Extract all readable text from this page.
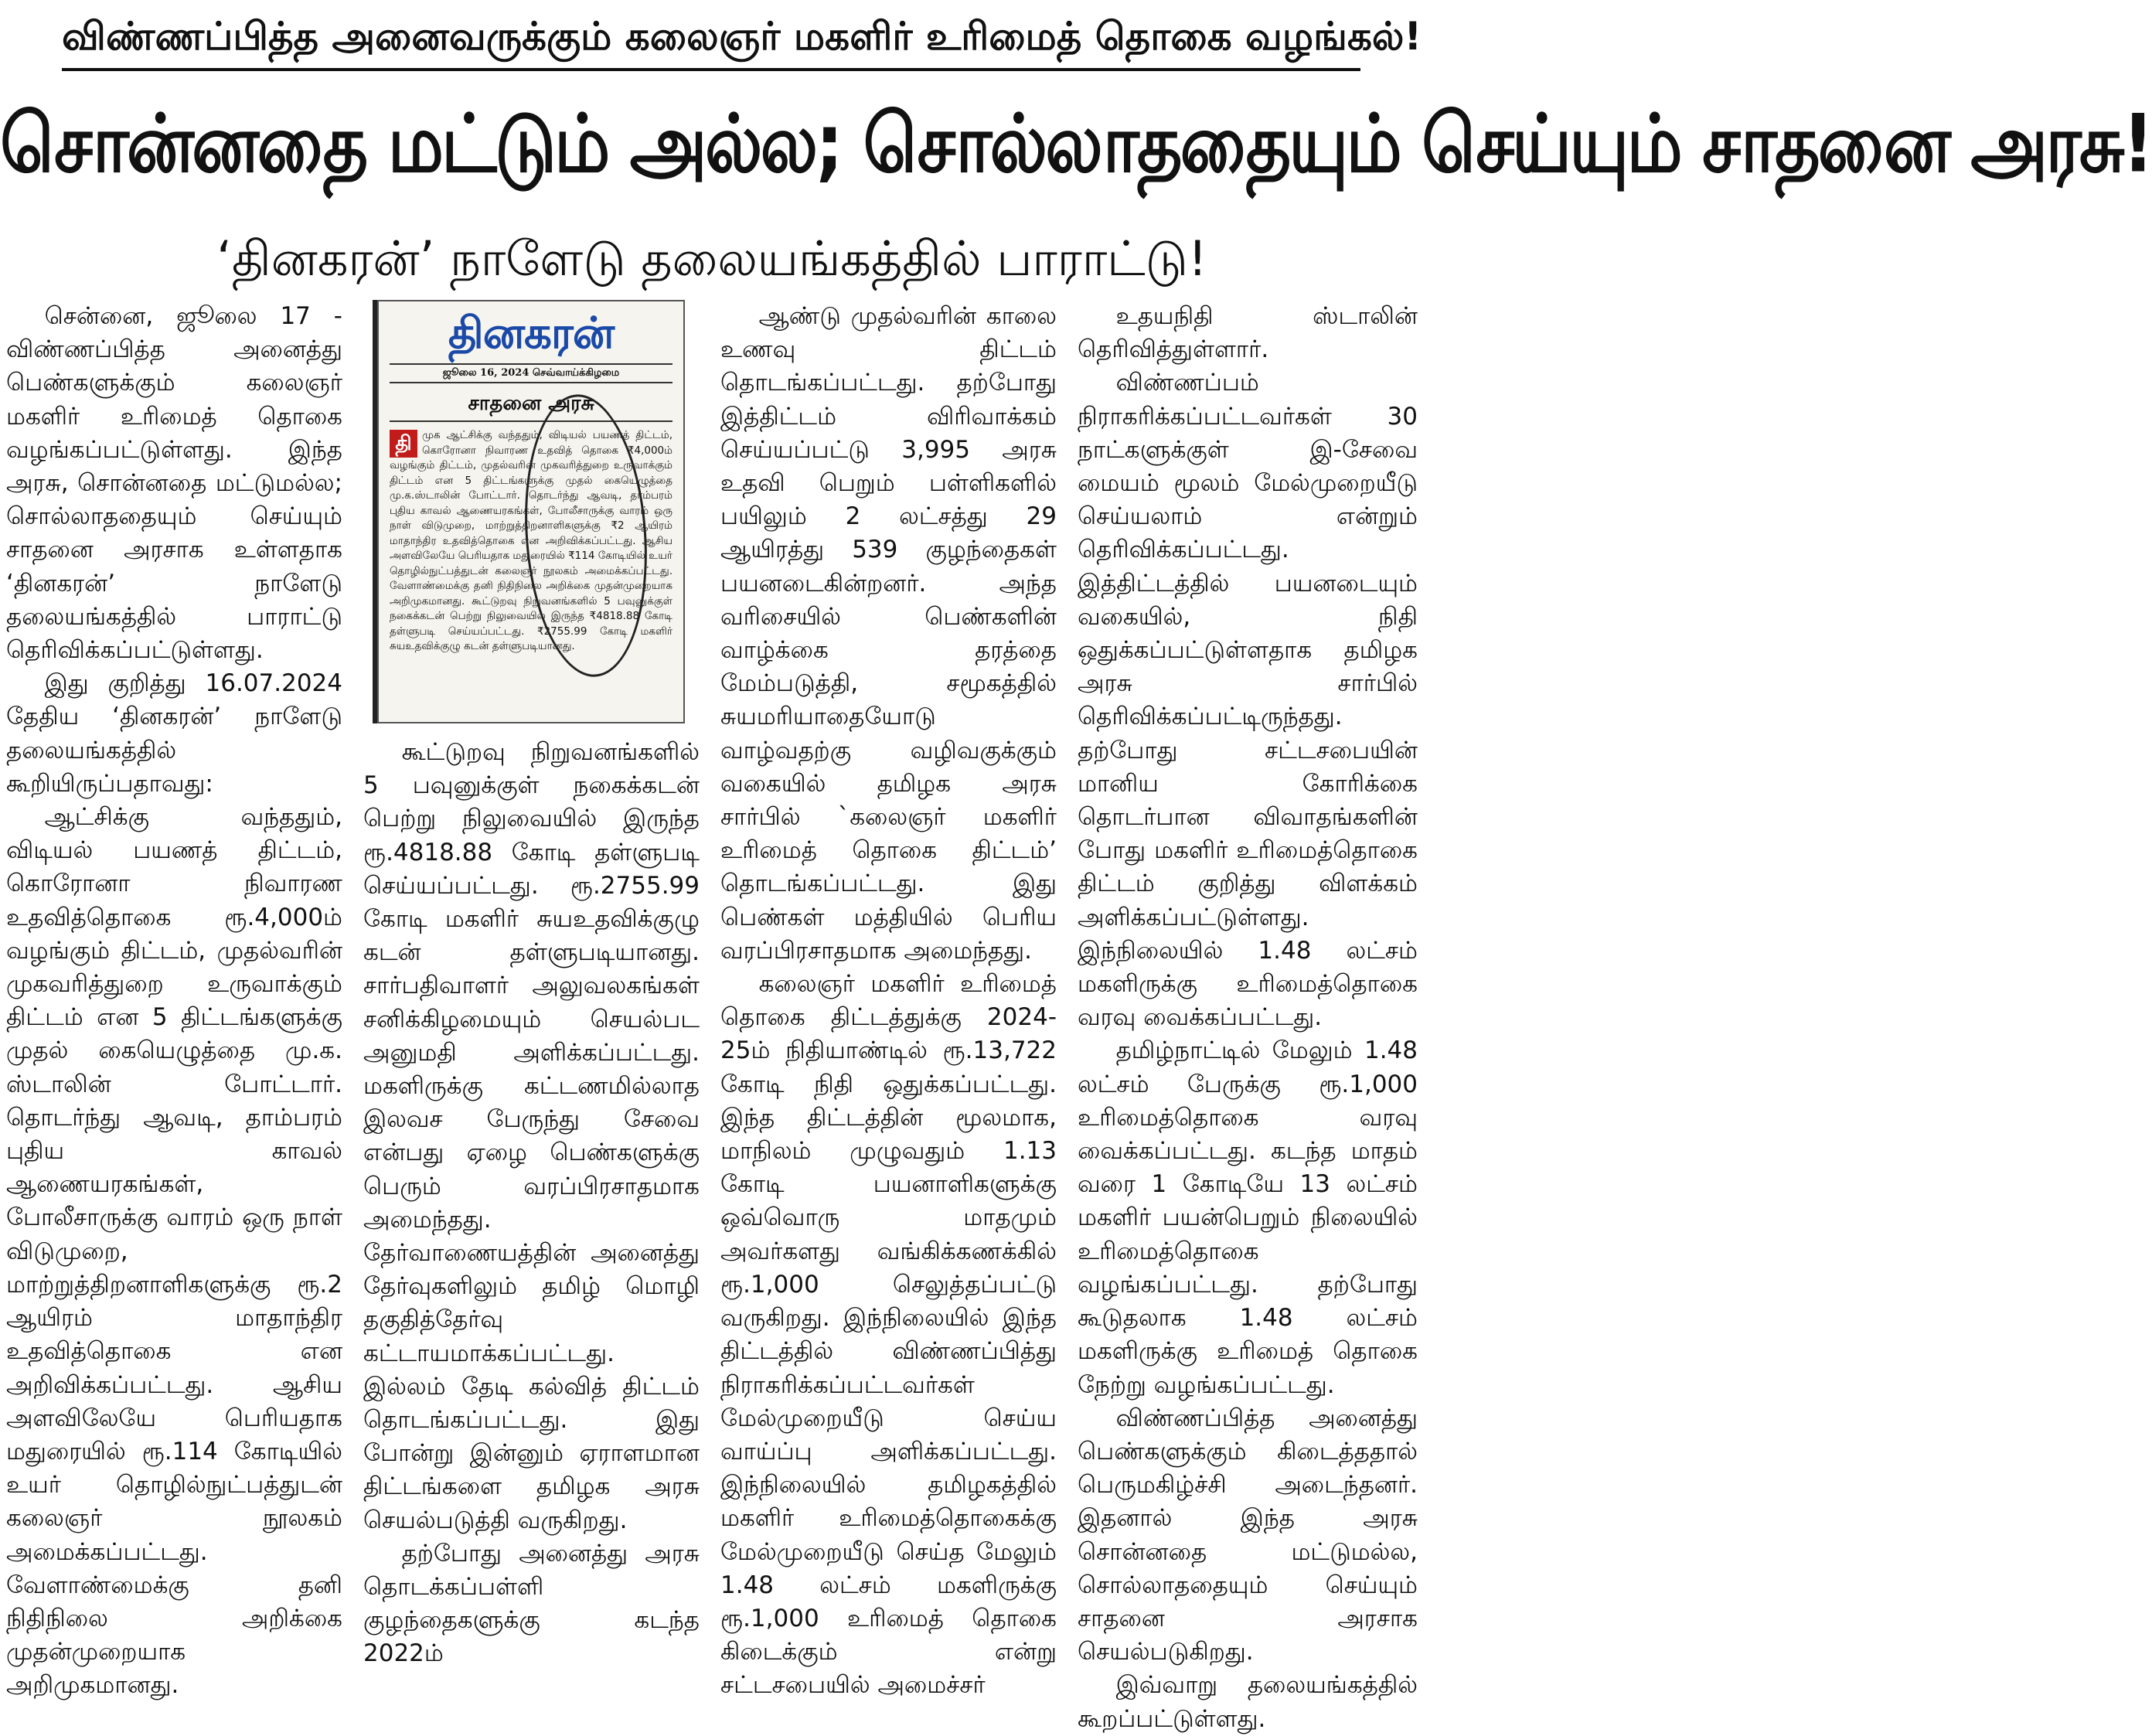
விண்ணப்பித்த அனைவருக்கும் கலைஞர் மகளிர் உரிமைத் தொகை வழங்கல்!
சொன்னதை மட்டும் அல்ல; சொல்லாததையும் செய்யும் சாதனை அரசு!
‘தினகரன்’ நாளேடு தலையங்கத்தில் பாராட்டு!

சென்னை, ஜூலை 17 - விண்ணப்பித்த அனைத்து பெண்களுக்கும் கலைஞர் மகளிர் உரிமைத் தொகை வழங்கப்பட்டுள்ளது. இந்த அரசு, சொன்னதை மட்டுமல்ல; சொல்லாததையும் செய்யும் சாதனை அரசாக உள்ளதாக ‘தினகரன்’ நாளேடு தலையங்கத்தில் பாராட்டு தெரிவிக்கப்பட்டுள்ளது.

இது குறித்து 16.07.2024 தேதிய ‘தினகரன்’ நாளேடு தலையங்கத்தில் கூறியிருப்பதாவது:

ஆட்சிக்கு வந்ததும், விடியல் பயணத் திட்டம், கொரோனா நிவாரண உதவித்தொகை ரூ.4,000ம் வழங்கும் திட்டம், முதல்வரின் முகவரித்துறை உருவாக்கும் திட்டம் என 5 திட்டங்களுக்கு முதல் கையெழுத்தை மு.க. ஸ்டாலின் போட்டார். தொடர்ந்து ஆவடி, தாம்பரம் புதிய காவல் ஆணையரகங்கள், போலீசாருக்கு வாரம் ஒரு நாள் விடுமுறை, மாற்றுத்திறனாளிகளுக்கு ரூ.2 ஆயிரம் மாதாந்திர உதவித்தொகை என அறிவிக்கப்பட்டது. ஆசிய அளவிலேயே பெரியதாக மதுரையில் ரூ.114 கோடியில் உயர் தொழில்நுட்பத்துடன் கலைஞர் நூலகம் அமைக்கப்பட்டது. வேளாண்மைக்கு தனி நிதிநிலை அறிக்கை முதன்முறையாக அறிமுகமானது.

தினகரன்
ஜூலை 16, 2024 செவ்வாய்க்கிழமை
சாதனை அரசு
தி முக ஆட்சிக்கு வந்ததும், விடியல் பயணத் திட்டம், கொரோனா நிவாரண உதவித் தொகை ₹4,000ம் வழங்கும் திட்டம், முதல்வரின் முகவரித்துறை உருவாக்கும் திட்டம் என 5 திட்டங்களுக்கு முதல் கையெழுத்தை மு.க.ஸ்டாலின் போட்டார். தொடர்ந்து ஆவடி, தாம்பரம் புதிய காவல் ஆணையரகங்கள், போலீசாருக்கு வாரம் ஒரு நாள் விடுமுறை, மாற்றுத்திறனாளிகளுக்கு ₹2 ஆயிரம் மாதாந்திர உதவித்தொகை என அறிவிக்கப்பட்டது. ஆசிய அளவிலேயே பெரியதாக மதுரையில் ₹114 கோடியில் உயர் தொழில்நுட்பத்துடன் கலைஞர் நூலகம் அமைக்கப்பட்டது. வேளாண்மைக்கு தனி நிதிநிலை அறிக்கை முதன்முறையாக அறிமுகமானது. கூட்டுறவு நிறுவனங்களில் 5 பவுனுக்குள் நகைக்கடன் பெற்று நிலுவையில் இருந்த ₹4818.88 கோடி தள்ளுபடி செய்யப்பட்டது. ₹2755.99 கோடி மகளிர் சுயஉதவிக்குழு கடன் தள்ளுபடியானது.

கூட்டுறவு நிறுவனங்களில் 5 பவுனுக்குள் நகைக்கடன் பெற்று நிலுவையில் இருந்த ரூ.4818.88 கோடி தள்ளுபடி செய்யப்பட்டது. ரூ.2755.99 கோடி மகளிர் சுயஉதவிக்குழு கடன் தள்ளுபடியானது. சார்பதிவாளர் அலுவலகங்கள் சனிக்கிழமையும் செயல்பட அனுமதி அளிக்கப்பட்டது. மகளிருக்கு கட்டணமில்லாத இலவச பேருந்து சேவை என்பது ஏழை பெண்களுக்கு பெரும் வரப்பிரசாதமாக அமைந்தது. தேர்வாணையத்தின் அனைத்து தேர்வுகளிலும் தமிழ் மொழி தகுதித்தேர்வு கட்டாயமாக்கப்பட்டது. இல்லம் தேடி கல்வித் திட்டம் தொடங்கப்பட்டது. இது போன்று இன்னும் ஏராளமான திட்டங்களை தமிழக அரசு செயல்படுத்தி வருகிறது.

தற்போது அனைத்து அரசு தொடக்கப்பள்ளி குழந்தைகளுக்கு கடந்த 2022ம்

ஆண்டு முதல்வரின் காலை உணவு திட்டம் தொடங்கப்பட்டது. தற்போது இத்திட்டம் விரிவாக்கம் செய்யப்பட்டு 3,995 அரசு உதவி பெறும் பள்ளிகளில் பயிலும் 2 லட்சத்து 29 ஆயிரத்து 539 குழந்தைகள் பயனடைகின்றனர். அந்த வரிசையில் பெண்களின் வாழ்க்கை தரத்தை மேம்படுத்தி, சமூகத்தில் சுயமரியாதையோடு வாழ்வதற்கு வழிவகுக்கும் வகையில் தமிழக அரசு சார்பில் `கலைஞர் மகளிர் உரிமைத் தொகை திட்டம்’ தொடங்கப்பட்டது. இது பெண்கள் மத்தியில் பெரிய வரப்பிரசாதமாக அமைந்தது.

கலைஞர் மகளிர் உரிமைத் தொகை திட்டத்துக்கு 2024-25ம் நிதியாண்டில் ரூ.13,722 கோடி நிதி ஒதுக்கப்பட்டது. இந்த திட்டத்தின் மூலமாக, மாநிலம் முழுவதும் 1.13 கோடி பயனாளிகளுக்கு ஒவ்வொரு மாதமும் அவர்களது வங்கிக்கணக்கில் ரூ.1,000 செலுத்தப்பட்டு வருகிறது. இந்நிலையில் இந்த திட்டத்தில் விண்ணப்பித்து நிராகரிக்கப்பட்டவர்கள் மேல்முறையீடு செய்ய வாய்ப்பு அளிக்கப்பட்டது. இந்நிலையில் தமிழகத்தில் மகளிர் உரிமைத்தொகைக்கு மேல்முறையீடு செய்த மேலும் 1.48 லட்சம் மகளிருக்கு ரூ.1,000 உரிமைத் தொகை கிடைக்கும் என்று சட்டசபையில் அமைச்சர்

உதயநிதி ஸ்டாலின் தெரிவித்துள்ளார்.

விண்ணப்பம் நிராகரிக்கப்பட்டவர்கள் 30 நாட்களுக்குள் இ-சேவை மையம் மூலம் மேல்முறையீடு செய்யலாம் என்றும் தெரிவிக்கப்பட்டது. இத்திட்டத்தில் பயனடையும் வகையில், நிதி ஒதுக்கப்பட்டுள்ளதாக தமிழக அரசு சார்பில் தெரிவிக்கப்பட்டிருந்தது. தற்போது சட்டசபையின் மானிய கோரிக்கை தொடர்பான விவாதங்களின் போது மகளிர் உரிமைத்தொகை திட்டம் குறித்து விளக்கம் அளிக்கப்பட்டுள்ளது. இந்நிலையில் 1.48 லட்சம் மகளிருக்கு உரிமைத்தொகை வரவு வைக்கப்பட்டது.

தமிழ்நாட்டில் மேலும் 1.48 லட்சம் பேருக்கு ரூ.1,000 உரிமைத்தொகை வரவு வைக்கப்பட்டது. கடந்த மாதம் வரை 1 கோடியே 13 லட்சம் மகளிர் பயன்பெறும் நிலையில் உரிமைத்தொகை வழங்கப்பட்டது. தற்போது கூடுதலாக 1.48 லட்சம் மகளிருக்கு உரிமைத் தொகை நேற்று வழங்கப்பட்டது.

விண்ணப்பித்த அனைத்து பெண்களுக்கும் கிடைத்ததால் பெருமகிழ்ச்சி அடைந்தனர். இதனால் இந்த அரசு சொன்னதை மட்டுமல்ல, சொல்லாததையும் செய்யும் சாதனை அரசாக செயல்படுகிறது.

இவ்வாறு தலையங்கத்தில் கூறப்பட்டுள்ளது.
